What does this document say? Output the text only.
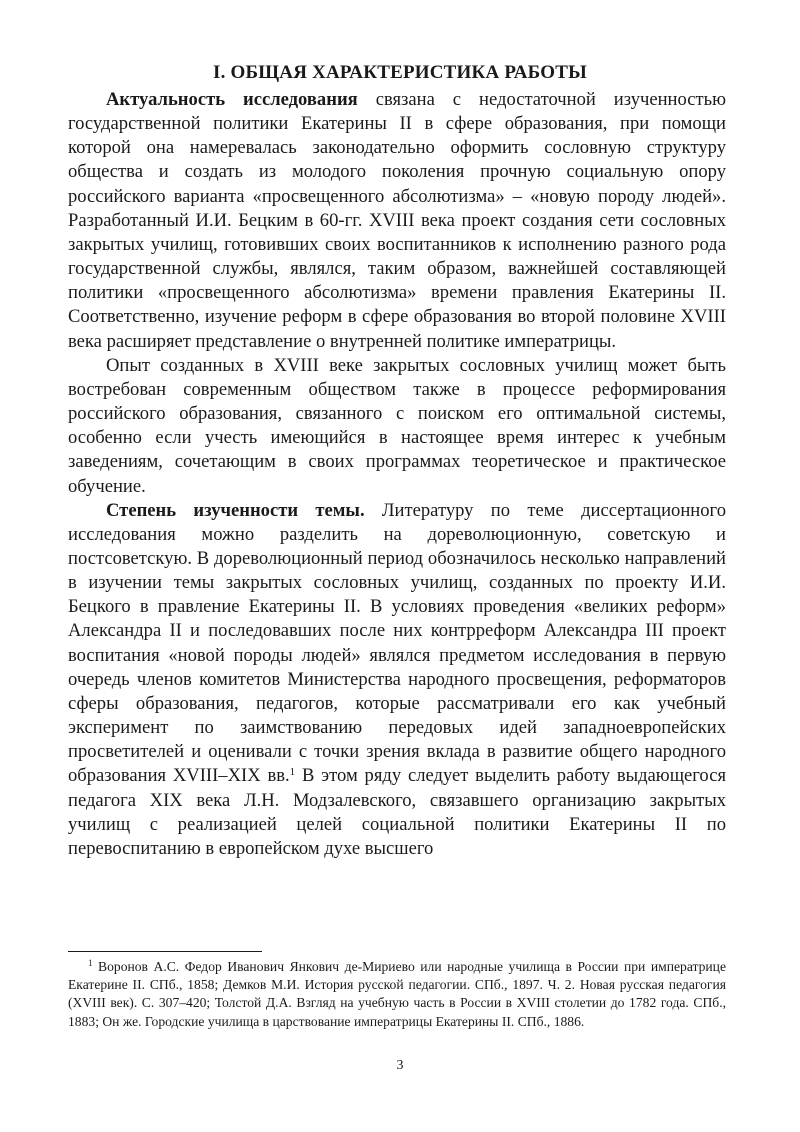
I. ОБЩАЯ ХАРАКТЕРИСТИКА РАБОТЫ

Актуальность исследования связана с недостаточной изученностью государственной политики Екатерины II в сфере образования, при помощи которой она намеревалась законодательно оформить сословную структуру общества и создать из молодого поколения прочную социальную опору российского варианта «просвещенного абсолютизма» – «новую породу людей». Разработанный И.И. Бецким в 60-гг. XVIII века проект создания сети сословных закрытых училищ, готовивших своих воспитанников к исполнению разного рода государственной службы, являлся, таким образом, важнейшей составляющей политики «просвещенного абсолютизма» времени правления Екатерины II. Соответственно, изучение реформ в сфере образования во второй половине XVIII века расширяет представление о внутренней политике императрицы.

Опыт созданных в XVIII веке закрытых сословных училищ может быть востребован современным обществом также в процессе реформирования российского образования, связанного с поиском его оптимальной системы, особенно если учесть имеющийся в настоящее время интерес к учебным заведениям, сочетающим в своих программах теоретическое и практическое обучение.

Степень изученности темы. Литературу по теме диссертационного исследования можно разделить на дореволюционную, советскую и постсоветскую. В дореволюционный период обозначилось несколько направлений в изучении темы закрытых сословных училищ, созданных по проекту И.И. Бецкого в правление Екатерины II. В условиях проведения «великих реформ» Александра II и последовавших после них контрреформ Александра III проект воспитания «новой породы людей» являлся предметом исследования в первую очередь членов комитетов Министерства народного просвещения, реформаторов сферы образования, педагогов, которые рассматривали его как учебный эксперимент по заимствованию передовых идей западноевропейских просветителей и оценивали с точки зрения вклада в развитие общего народного образования XVIII–XIX вв.$^1$ В этом ряду следует выделить работу выдающегося педагога XIX века Л.Н. Модзалевского, связавшего организацию закрытых училищ с реализацией целей социальной политики Екатерины II по перевоспитанию в европейском духе высшего

$^1$ Воронов А.С. Федор Иванович Янкович де-Мириево или народные училища в России при императрице Екатерине II. СПб., 1858; Демков М.И. История русской педагогии. СПб., 1897. Ч. 2. Новая русская педагогия (XVIII век). С. 307–420; Толстой Д.А. Взгляд на учебную часть в России в XVIII столетии до 1782 года. СПб., 1883; Он же. Городские училища в царствование императрицы Екатерины II. СПб., 1886.

3
